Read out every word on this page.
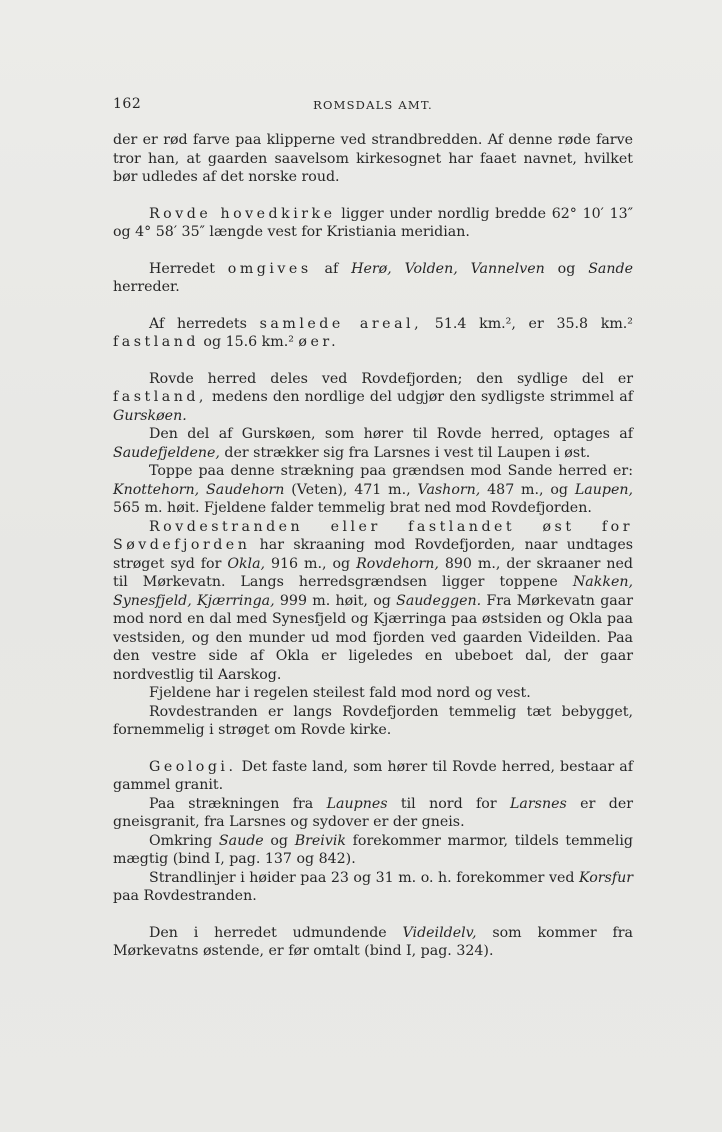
162	ROMSDALS AMT.

der er rød farve paa klipperne ved strandbredden. Af denne røde farve tror han, at gaarden saavelsom kirkesognet har faaet navnet, hvilket bør udledes af det norske roud.

Rovde hovedkirke ligger under nordlig bredde 62° 10′ 13″ og 4° 58′ 35″ længde vest for Kristiania meridian.

Herredet omgives af Herø, Volden, Vannelven og Sande herreder.

Af herredets samlede areal, 51.4 km.², er 35.8 km.² fastland og 15.6 km.² øer.

Rovde herred deles ved Rovdefjorden; den sydlige del er fastland, medens den nordlige del udgjør den sydligste strimmel af Gurskøen.

Den del af Gurskøen, som hører til Rovde herred, optages af Saudefjeldene, der strækker sig fra Larsnes i vest til Laupen i øst.

Toppe paa denne strækning paa grændsen mod Sande herred er: Knottehorn, Saudehorn (Veten), 471 m., Vashorn, 487 m., og Laupen, 565 m. høit. Fjeldene falder temmelig brat ned mod Rovdefjorden.

Rovdestranden eller fastlandet øst for Søvdefjorden har skraaning mod Rovdefjorden, naar undtages strøget syd for Okla, 916 m., og Rovdehorn, 890 m., der skraaner ned til Mørkevatn. Langs herredsgrændsen ligger toppene Nakken, Synesfjeld, Kjærringa, 999 m. høit, og Saudeggen. Fra Mørkevatn gaar mod nord en dal med Synesfjeld og Kjærringa paa østsiden og Okla paa vestsiden, og den munder ud mod fjorden ved gaarden Videilden. Paa den vestre side af Okla er ligeledes en ubeboet dal, der gaar nordvestlig til Aarskog.

Fjeldene har i regelen steilest fald mod nord og vest.

Rovdestranden er langs Rovdefjorden temmelig tæt bebygget, fornemmelig i strøget om Rovde kirke.

Geologi. Det faste land, som hører til Rovde herred, bestaar af gammel granit.

Paa strækningen fra Laupnes til nord for Larsnes er der gneisgranit, fra Larsnes og sydover er der gneis.

Omkring Saude og Breivik forekommer marmor, tildels temmelig mægtig (bind I, pag. 137 og 842).

Strandlinjer i høider paa 23 og 31 m. o. h. forekommer ved Korsfur paa Rovdestranden.

Den i herredet udmundende Videildelv, som kommer fra Mørkevatns østende, er før omtalt (bind I, pag. 324).
